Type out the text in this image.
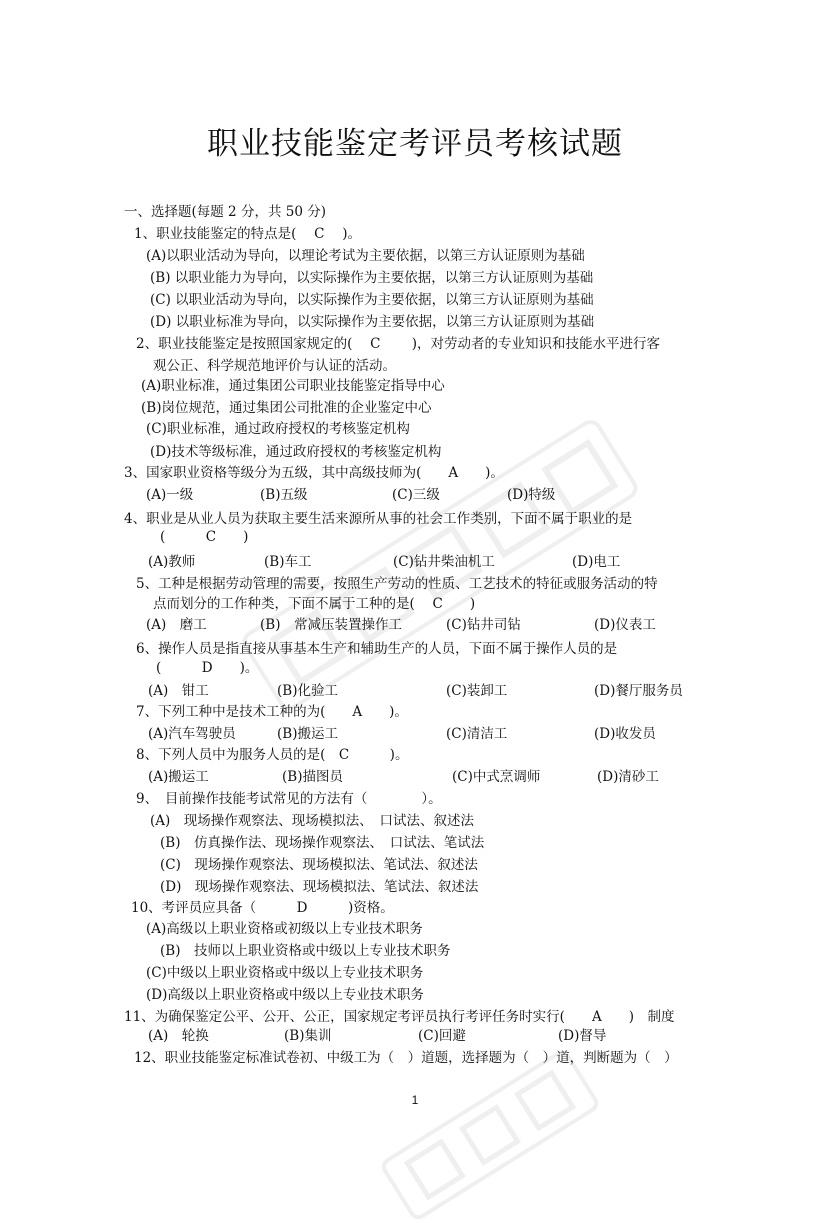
职业技能鉴定考评员考核试题
一、选择题(每题 2 分，共 50 分)
1、职业技能鉴定的特点是(　 C　 )。
(A)以职业活动为导向，以理论考试为主要依据，以第三方认证原则为基础
(B) 以职业能力为导向，以实际操作为主要依据，以第三方认证原则为基础
(C) 以职业活动为导向，以实际操作为主要依据，以第三方认证原则为基础
(D) 以职业标准为导向，以实际操作为主要依据，以第三方认证原则为基础
2、职业技能鉴定是按照国家规定的(　 C　　 )，对劳动者的专业知识和技能水平进行客
观公正、科学规范地评价与认证的活动。
(A)职业标准，通过集团公司职业技能鉴定指导中心
(B)岗位规范，通过集团公司批准的企业鉴定中心
(C)职业标准，通过政府授权的考核鉴定机构
(D)技术等级标准，通过政府授权的考核鉴定机构
3、国家职业资格等级分为五级，其中高级技师为(　　A　　)。
(A)一级	(B)五级	(C)三级	(D)特级
4、职业是从业人员为获取主要生活来源所从事的社会工作类别，下面不属于职业的是
(　　　C　　)
(A)教师	(B)车工	(C)钻井柴油机工	(D)电工
5、工种是根据劳动管理的需要，按照生产劳动的性质、工艺技术的特征或服务活动的特
点而划分的工作种类，下面不属于工种的是(　 C　　)
(A)　磨工	(B)　常减压装置操作工	(C)钻井司钻	(D)仪表工
6、操作人员是指直接从事基本生产和辅助生产的人员，下面不属于操作人员的是
(　　　D　　)。
(A)　钳工	(B)化验工	(C)装卸工	(D)餐厅服务员
7、下列工种中是技术工种的为(　　A　　)。
(A)汽车驾驶员	(B)搬运工	(C)清洁工	(D)收发员
8、下列人员中为服务人员的是(　C　　　)。
(A)搬运工	(B)描图员	(C)中式烹调师	(D)清砂工
9、　目前操作技能考试常见的方法有（　　　　）。
(A)　现场操作观察法、现场模拟法、　口试法、叙述法
(B)　仿真操作法、现场操作观察法、　口试法、笔试法
(C)　现场操作观察法、现场模拟法、笔试法、叙述法
(D)　现场操作观察法、现场模拟法、笔试法、叙述法
10、考评员应具备（　　　D　　　)资格。
(A)高级以上职业资格或初级以上专业技术职务
(B)　技师以上职业资格或中级以上专业技术职务
(C)中级以上职业资格或中级以上专业技术职务
(D)高级以上职业资格或中级以上专业技术职务
11、为确保鉴定公平、公开、公正，国家规定考评员执行考评任务时实行(　　A　　)　制度
(A)　轮换	(B)集训	(C)回避	(D)督导
12、职业技能鉴定标准试卷初、中级工为（　）道题，选择题为（　）道，判断题为（　）
1
